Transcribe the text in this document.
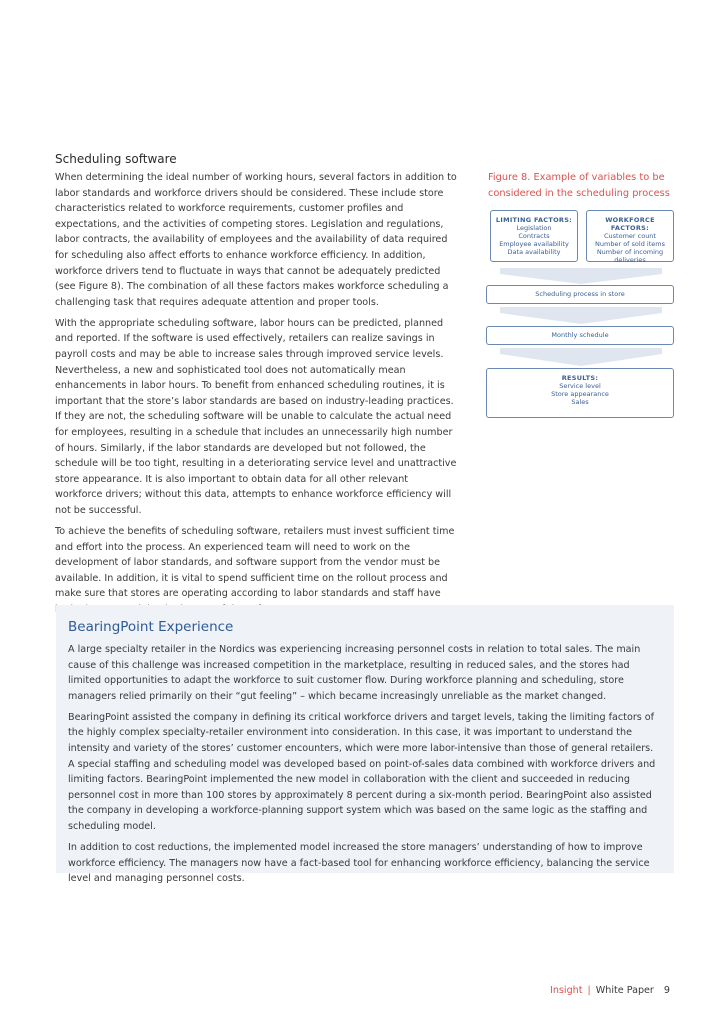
Scheduling software

When determining the ideal number of working hours, several factors in addition to labor standards and workforce drivers should be considered. These include store characteristics related to workforce requirements, customer profiles and expectations, and the activities of competing stores. Legislation and regulations, labor contracts, the availability of employees and the availability of data required for scheduling also affect efforts to enhance workforce efficiency. In addition, workforce drivers tend to fluctuate in ways that cannot be adequately predicted (see Figure 8). The combination of all these factors makes workforce scheduling a challenging task that requires adequate attention and proper tools.

With the appropriate scheduling software, labor hours can be predicted, planned and reported. If the software is used effectively, retailers can realize savings in payroll costs and may be able to increase sales through improved service levels. Nevertheless, a new and sophisticated tool does not automatically mean enhancements in labor hours. To benefit from enhanced scheduling routines, it is important that the store’s labor standards are based on industry-leading practices. If they are not, the scheduling software will be unable to calculate the actual need for employees, resulting in a schedule that includes an unnecessarily high number of hours. Similarly, if the labor standards are developed but not followed, the schedule will be too tight, resulting in a deteriorating service level and unattractive store appearance. It is also important to obtain data for all other relevant workforce drivers; without this data, attempts to enhance workforce efficiency will not be successful.

To achieve the benefits of scheduling software, retailers must invest sufficient time and effort into the process. An experienced team will need to work on the development of labor standards, and software support from the vendor must be available. In addition, it is vital to spend sufficient time on the rollout process and make sure that stores are operating according to labor standards and staff have

Figure 8. Example of variables to be considered in the scheduling process

LIMITING FACTORS:
Legislation
Contracts
Employee availability
Data availability
WORKFORCE FACTORS:
Customer count
Number of sold items
Number of incoming
deliveries
Scheduling process in store
Monthly schedule
RESULTS:
Service level
Store appearance
Sales
BearingPoint Experience

A large specialty retailer in the Nordics was experiencing increasing personnel costs in relation to total sales. The main cause of this challenge was increased competition in the marketplace, resulting in reduced sales, and the stores had limited opportunities to adapt the workforce to suit customer flow. During workforce planning and scheduling, store managers relied primarily on their “gut feeling” – which became increasingly unreliable as the market changed.

BearingPoint assisted the company in defining its critical workforce drivers and target levels, taking the limiting factors of the highly complex specialty-retailer environment into consideration. In this case, it was important to understand the intensity and variety of the stores’ customer encounters, which were more labor-intensive than those of general retailers. A special staffing and scheduling model was developed based on point-of-sales data combined with workforce drivers and limiting factors. BearingPoint implemented the new model in collaboration with the client and succeeded in reducing personnel cost in more than 100 stores by approximately 8 percent during a six-month period. BearingPoint also assisted the company in developing a workforce-planning support system which was based on the same logic as the staffing and scheduling model.

In addition to cost reductions, the implemented model increased the store managers’ understanding of how to improve workforce efficiency. The managers now have a fact-based tool for enhancing workforce efficiency, balancing the service level and managing personnel costs.

Insight | White Paper 9
